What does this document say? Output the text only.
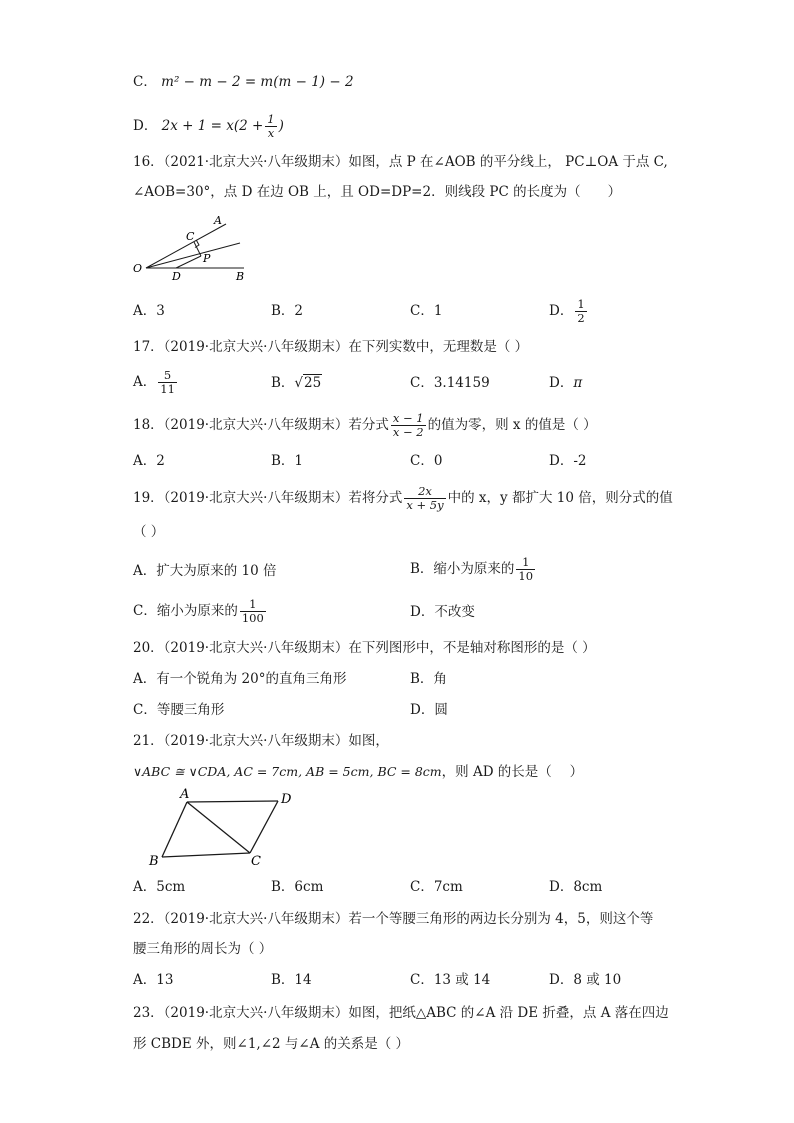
C． m² − m − 2 = m(m − 1) − 2
D． $2x + 1 = x(2 + \frac{1}{x}$ )
16．（2021·北京大兴·八年级期末）如图，点 P 在∠AOB 的平分线上， PC⊥OA 于点 C,
∠AOB=30°，点 D 在边 OB 上，且 OD=DP=2．则线段 PC 的长度为（　　）
O
A
B
C
D
P
A．3	B．2	C．1	D． $\frac{1}{2}$
17．（2019·北京大兴·八年级期末）在下列实数中，无理数是（ ）
A． $\frac{5}{11}$	B．√25	C．3.14159	D．π
18．（2019·北京大兴·八年级期末）若分式 $\frac{x - 1}{x - 2}$ 的值为零，则 x 的值是（ ）
A．2	B．1	C．0	D．-2
19．（2019·北京大兴·八年级期末）若将分式 $\frac{2x}{x + 5y}$ 中的 x，y 都扩大 10 倍，则分式的值
（ ）
A．扩大为原来的 10 倍	B．缩小为原来的 $\frac{1}{10}$
C．缩小为原来的 $\frac{1}{100}$	D．不改变
20．（2019·北京大兴·八年级期末）在下列图形中，不是轴对称图形的是（ ）
A．有一个锐角为 20°的直角三角形	B．角
C．等腰三角形	D．圆
21．（2019·北京大兴·八年级期末）如图，
∨ABC ≅ ∨CDA, AC = 7cm, AB = 5cm, BC = 8cm，则 AD 的长是（　 ）
A	D
B	C
A．5cm	B．6cm	C．7cm	D．8cm
22．（2019·北京大兴·八年级期末）若一个等腰三角形的两边长分别为 4，5，则这个等
腰三角形的周长为（ ）
A．13	B．14	C．13 或 14	D．8 或 10
23．（2019·北京大兴·八年级期末）如图，把纸△ABC 的∠A 沿 DE 折叠，点 A 落在四边
形 CBDE 外，则∠1,∠2 与∠A 的关系是（ ）
